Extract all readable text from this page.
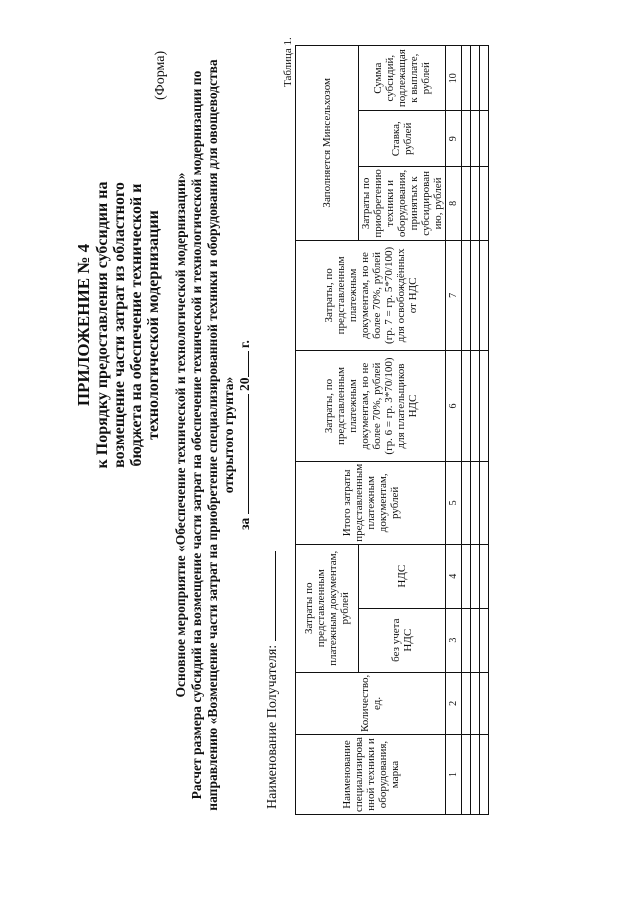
ПРИЛОЖЕНИЕ № 4 к Порядку предоставления субсидии на возмещение части затрат из областного бюджета на обеспечение технической и технологической модернизации
(Форма)
Основное мероприятие «Обеспечение технической и технологической модернизации» Расчет размера субсидий на возмещение части затрат на обеспечение технической и технологической модернизации по направлению «Возмещение части затрат на приобретение специализированной техники и оборудования для овощеводства открытого грунта»
за  20 г.
Наименование Получателя:
Таблица 1.
Наименование специализирова нной техники и оборудования, марка	Количество, ед.	Затраты по представленным платежным документам, рублей		Итого затраты представленным платежным документам, рублей	Затраты, по представленным платежным документам, но не более 70%, рублей (гр. 6 = гр. 3*70/100) для плательщиков НДС	Затраты, по представленным платежным документам, но не более 70%, рублей (гр. 7 = гр. 5*70/100) для освобождённых от НДС	Заполняется Минсельхозом		
		без учета НДС	НДС				Затраты по приобретению техники и оборудования, принятых к субсидирован ию, рублей	Ставка, рублей	Сумма субсидий, подлежащая к выплате, рублей
1	2	3	4	5	6	7	8	9	10
